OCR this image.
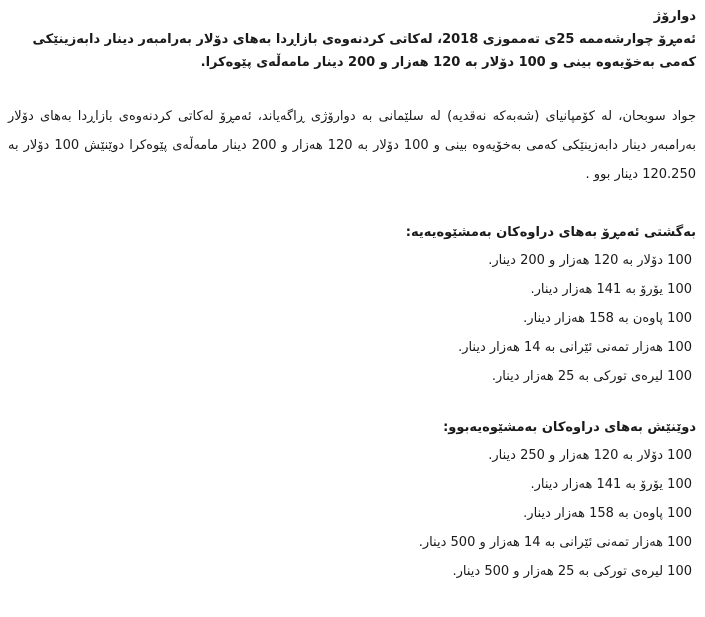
دوارۆژ

ئەمڕۆ چوارشەممە 25ی تەمموزی 2018، لەکاتی کردنەوەی بازاڕدا بەهای دۆلار بەرامبەر دینار دابەزینێکی کەمی بەخۆیەوە بینی و 100 دۆلار بە 120 هەزار و 200 دینار مامەڵەی پێوەکرا.

جواد سوبحان، لە کۆمپانیای (شەبەکە نەقدیە) لە سلێمانی بە دوارۆژی ڕاگەیاند، ئەمڕۆ لەکاتی کردنەوەی بازاڕدا بەهای دۆلار بەرامبەر دینار دابەزینێکی کەمی بەخۆیەوە بینی و 100 دۆلار بە 120 هەزار و 200 دینار مامەڵەی پێوەکرا دوێنێش 100 دۆلار بە 120.250 دینار بوو .

بەگشتی ئەمڕۆ بەهای دراوەکان بەمشێوەیەیە:

100 دۆلار بە 120 هەزار و 200 دینار.
100 یۆرۆ بە 141 هەزار دینار.
100 پاوەن بە 158 هەزار دینار.
100 هەزار تمەنی ئێرانی بە 14 هەزار دینار.
100 لیرەی تورکی بە 25 هەزار دینار.

دوێنێش بەهای دراوەکان بەمشێوەیەبوو:

100 دۆلار بە 120 هەزار و 250 دینار.
100 یۆرۆ بە 141 هەزار دینار.
100 پاوەن بە 158 هەزار دینار.
100 هەزار تمەنی ئێرانی بە 14 هەزار و 500 دینار.
100 لیرەی تورکی بە 25 هەزار و 500 دینار.
